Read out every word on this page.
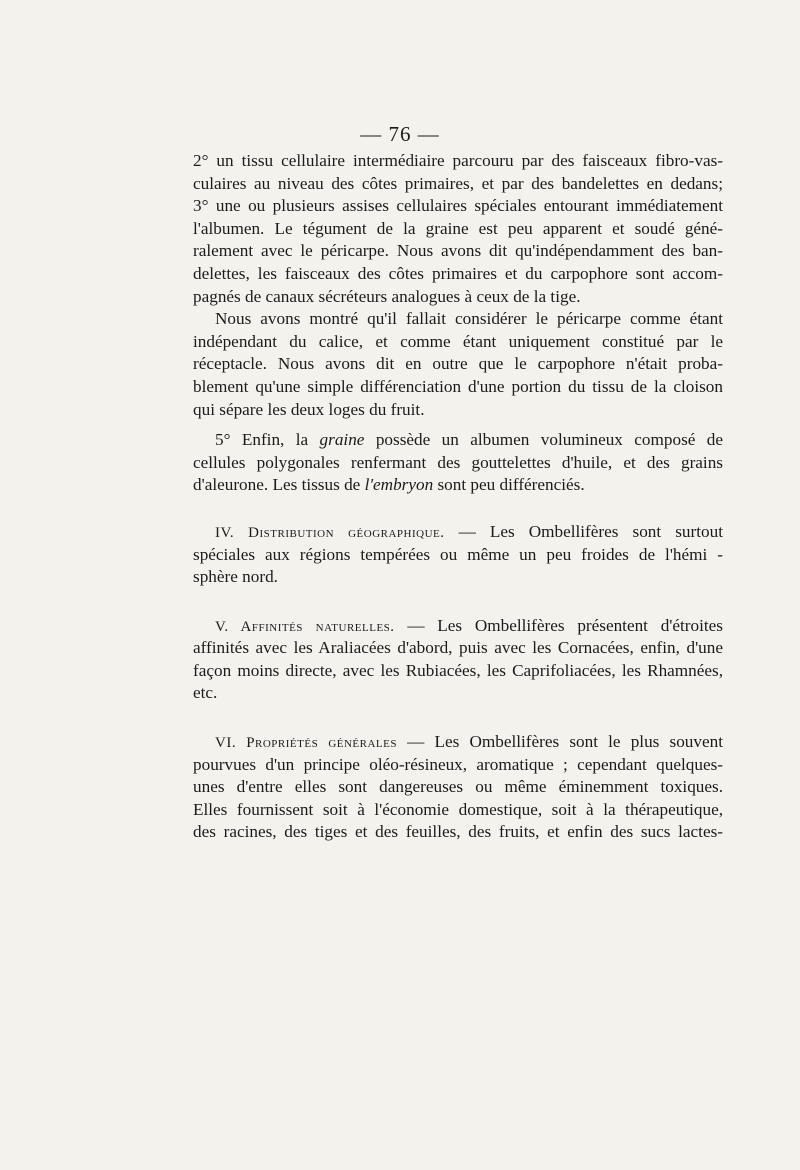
— 76 —
2° un tissu cellulaire intermédiaire parcouru par des faisceaux fibro-vas-
culaires au niveau des côtes primaires, et par des bandelettes en dedans;
3° une ou plusieurs assises cellulaires spéciales entourant immédiatement
l'albumen. Le tégument de la graine est peu apparent et soudé géné-
ralement avec le péricarpe. Nous avons dit qu'indépendamment des ban-
delettes, les faisceaux des côtes primaires et du carpophore sont accom-
pagnés de canaux sécréteurs analogues à ceux de la tige.
Nous avons montré qu'il fallait considérer le péricarpe comme étant
indépendant du calice, et comme étant uniquement constitué par le
réceptacle. Nous avons dit en outre que le carpophore n'était proba-
blement qu'une simple différenciation d'une portion du tissu de la cloison
qui sépare les deux loges du fruit.
5° Enfin, la graine possède un albumen volumineux composé de
cellules polygonales renfermant des gouttelettes d'huile, et des grains
d'aleurone. Les tissus de l'embryon sont peu différenciés.
IV. Distribution géographique. — Les Ombellifères sont surtout
spéciales aux régions tempérées ou même un peu froides de l'hémi -
sphère nord.
V. Affinités naturelles. — Les Ombellifères présentent d'étroites
affinités avec les Araliacées d'abord, puis avec les Cornacées, enfin, d'une
façon moins directe, avec les Rubiacées, les Caprifoliacées, les Rhamnées,
etc.
VI. Propriétés générales — Les Ombellifères sont le plus souvent
pourvues d'un principe oléo-résineux, aromatique ; cependant quelques-
unes d'entre elles sont dangereuses ou même éminemment toxiques.
Elles fournissent soit à l'économie domestique, soit à la thérapeutique,
des racines, des tiges et des feuilles, des fruits, et enfin des sucs lactes-
